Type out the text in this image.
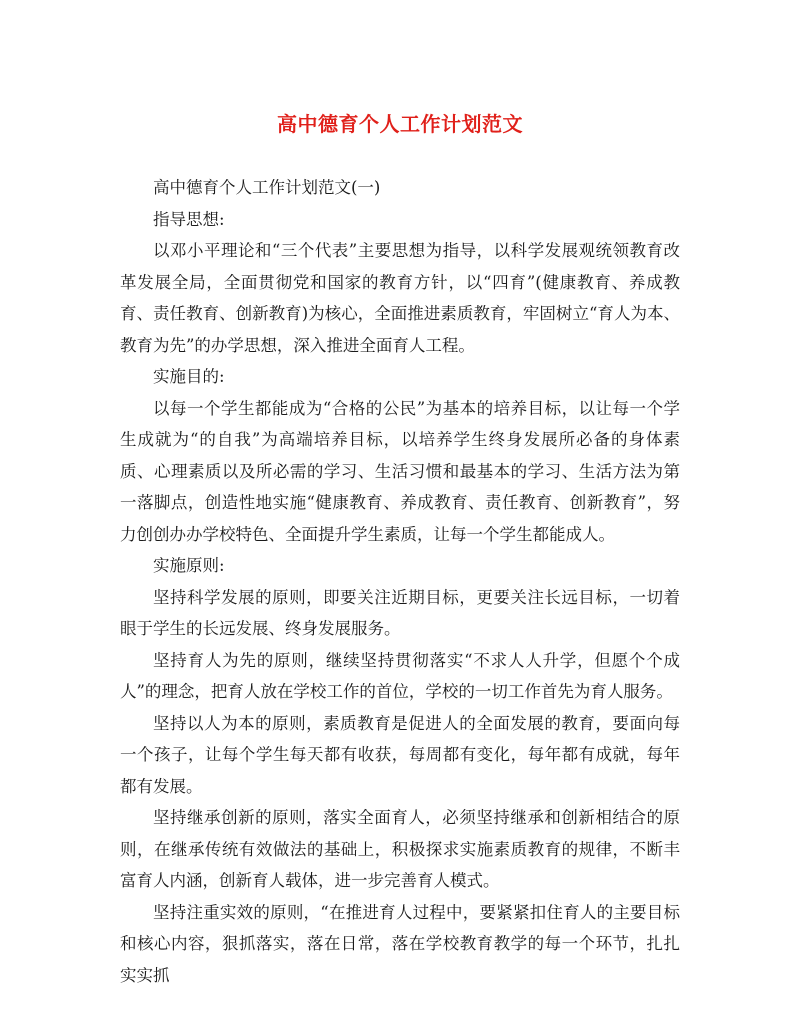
高中德育个人工作计划范文

高中德育个人工作计划范文(一)

指导思想:

以邓小平理论和“三个代表”主要思想为指导，以科学发展观统领教育改革发展全局，全面贯彻党和国家的教育方针，以“四育”(健康教育、养成教育、责任教育、创新教育)为核心，全面推进素质教育，牢固树立“育人为本、教育为先”的办学思想，深入推进全面育人工程。

实施目的:

以每一个学生都能成为“合格的公民”为基本的培养目标，以让每一个学生成就为“的自我”为高端培养目标，以培养学生终身发展所必备的身体素质、心理素质以及所必需的学习、生活习惯和最基本的学习、生活方法为第一落脚点，创造性地实施“健康教育、养成教育、责任教育、创新教育”，努力创创办办学校特色、全面提升学生素质，让每一个学生都能成人。

实施原则:

坚持科学发展的原则，即要关注近期目标，更要关注长远目标，一切着眼于学生的长远发展、终身发展服务。

坚持育人为先的原则，继续坚持贯彻落实“不求人人升学，但愿个个成人”的理念，把育人放在学校工作的首位，学校的一切工作首先为育人服务。

坚持以人为本的原则，素质教育是促进人的全面发展的教育，要面向每一个孩子，让每个学生每天都有收获，每周都有变化，每年都有成就，每年都有发展。

坚持继承创新的原则，落实全面育人，必须坚持继承和创新相结合的原则，在继承传统有效做法的基础上，积极探求实施素质教育的规律，不断丰富育人内涵，创新育人载体，进一步完善育人模式。

坚持注重实效的原则，“在推进育人过程中，要紧紧扣住育人的主要目标和核心内容，狠抓落实，落在日常，落在学校教育教学的每一个环节，扎扎实实抓
